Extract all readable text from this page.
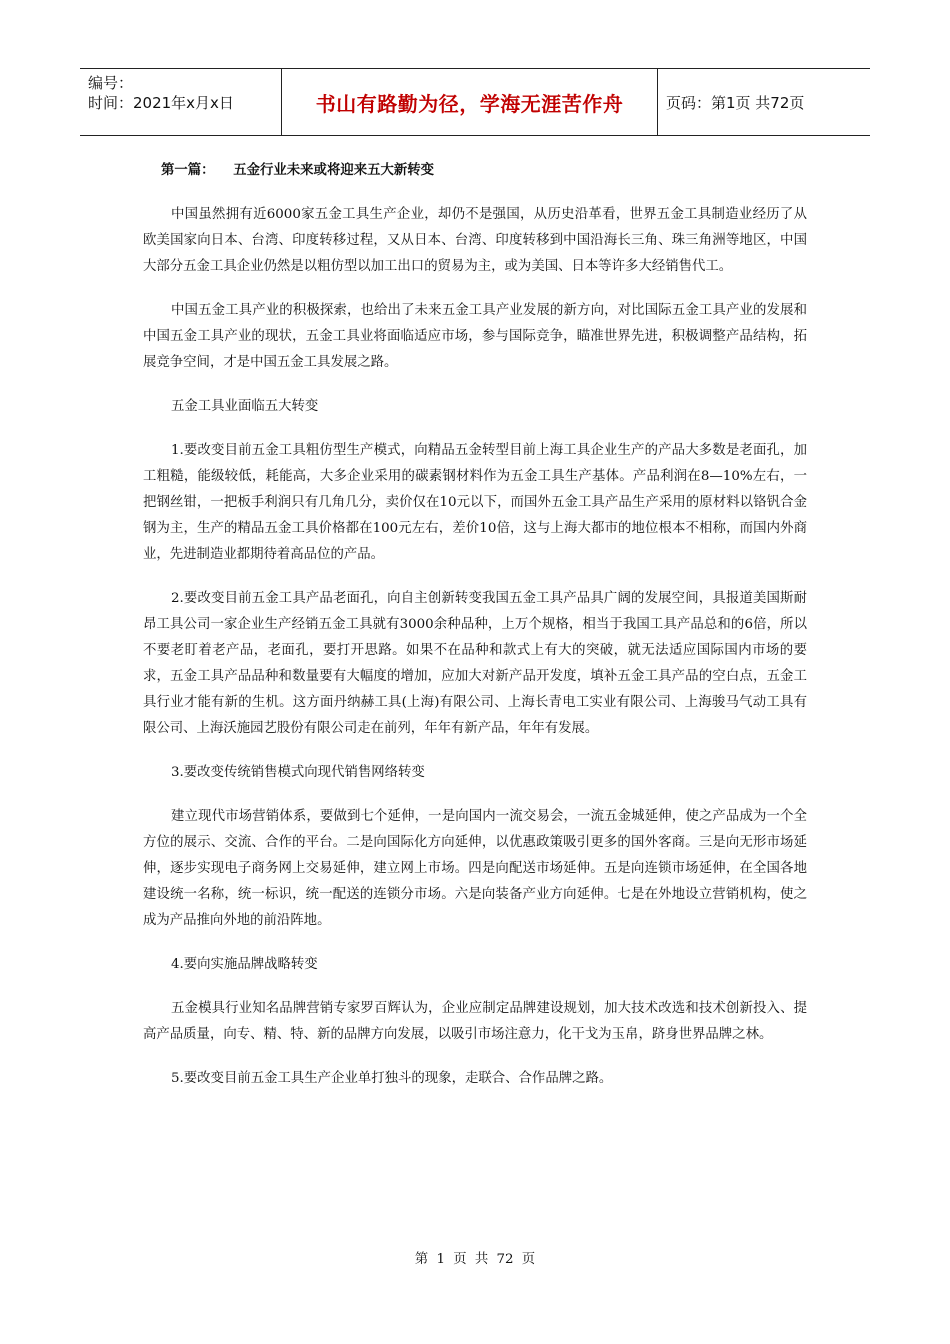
编号：
时间：2021年x月x日	书山有路勤为径，学海无涯苦作舟	页码：第1页 共72页
第一篇：    五金行业未来或将迎来五大新转变

中国虽然拥有近6000家五金工具生产企业，却仍不是强国，从历史沿革看，世界五金工具制造业经历了从欧美国家向日本、台湾、印度转移过程，又从日本、台湾、印度转移到中国沿海长三角、珠三角洲等地区，中国大部分五金工具企业仍然是以粗仿型以加工出口的贸易为主，或为美国、日本等许多大经销售代工。

中国五金工具产业的积极探索，也给出了未来五金工具产业发展的新方向，对比国际五金工具产业的发展和中国五金工具产业的现状，五金工具业将面临适应市场，参与国际竞争，瞄准世界先进，积极调整产品结构，拓展竞争空间，才是中国五金工具发展之路。

五金工具业面临五大转变

1.要改变目前五金工具粗仿型生产模式，向精品五金转型目前上海工具企业生产的产品大多数是老面孔，加工粗糙，能级较低，耗能高，大多企业采用的碳素钢材料作为五金工具生产基体。产品利润在8—10%左右，一把钢丝钳，一把板手利润只有几角几分，卖价仅在10元以下，而国外五金工具产品生产采用的原材料以铬钒合金钢为主，生产的精品五金工具价格都在100元左右，差价10倍，这与上海大都市的地位根本不相称，而国内外商业，先进制造业都期待着高品位的产品。

2.要改变目前五金工具产品老面孔，向自主创新转变我国五金工具产品具广阔的发展空间，具报道美国斯耐昂工具公司一家企业生产经销五金工具就有3000余种品种，上万个规格，相当于我国工具产品总和的6倍，所以不要老盯着老产品，老面孔，要打开思路。如果不在品种和款式上有大的突破，就无法适应国际国内市场的要求，五金工具产品品种和数量要有大幅度的增加，应加大对新产品开发度，填补五金工具产品的空白点，五金工具行业才能有新的生机。这方面丹纳赫工具(上海)有限公司、上海长青电工实业有限公司、上海骏马气动工具有限公司、上海沃施园艺股份有限公司走在前列，年年有新产品，年年有发展。

3.要改变传统销售模式向现代销售网络转变

建立现代市场营销体系，要做到七个延伸，一是向国内一流交易会，一流五金城延伸，使之产品成为一个全方位的展示、交流、合作的平台。二是向国际化方向延伸，以优惠政策吸引更多的国外客商。三是向无形市场延伸，逐步实现电子商务网上交易延伸，建立网上市场。四是向配送市场延伸。五是向连锁市场延伸，在全国各地建设统一名称，统一标识，统一配送的连锁分市场。六是向装备产业方向延伸。七是在外地设立营销机构，使之成为产品推向外地的前沿阵地。

4.要向实施品牌战略转变

五金模具行业知名品牌营销专家罗百辉认为，企业应制定品牌建设规划，加大技术改选和技术创新投入、提高产品质量，向专、精、特、新的品牌方向发展，以吸引市场注意力，化干戈为玉帛，跻身世界品牌之林。

5.要改变目前五金工具生产企业单打独斗的现象，走联合、合作品牌之路。

第 1 页 共 72 页
